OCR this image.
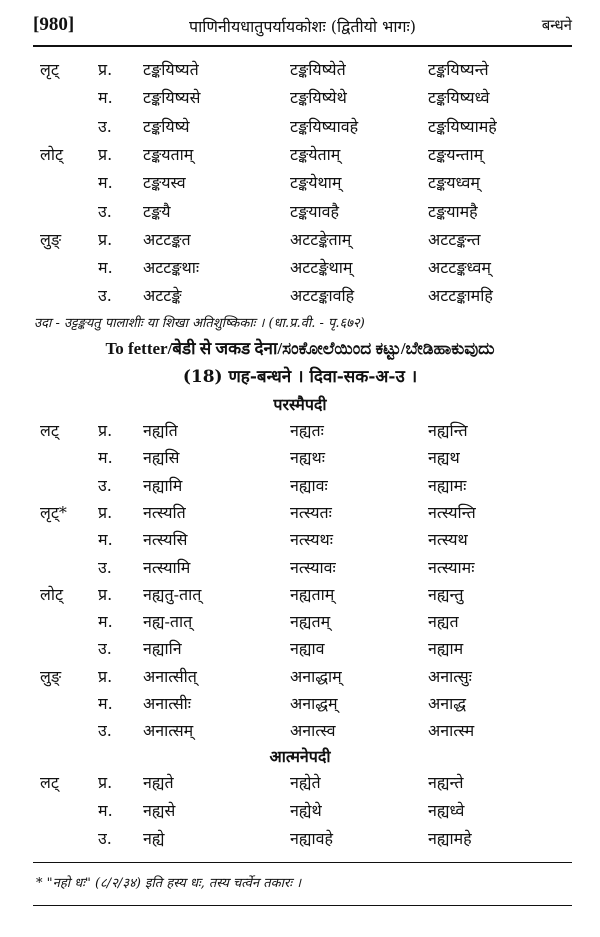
[980]	पाणिनीयधातुपर्यायकोशः (द्वितीयो भागः)	बन्धने
लृट् प्र. टङ्कयिष्यते	टङ्कयिष्येते	टङ्कयिष्यन्ते
म. टङ्कयिष्यसे	टङ्कयिष्येथे	टङ्कयिष्यध्वे
उ. टङ्कयिष्ये	टङ्कयिष्यावहे	टङ्कयिष्यामहे
लोट् प्र. टङ्कयताम्	टङ्कयेताम्	टङ्कयन्ताम्
म. टङ्कयस्व	टङ्कयेथाम्	टङ्कयध्वम्
उ. टङ्कयै	टङ्कयावहै	टङ्कयामहै
लुङ् प्र. अटटङ्कत	अटटङ्केताम्	अटटङ्कन्त
म. अटटङ्कथाः	अटटङ्केथाम्	अटटङ्कध्वम्
उ. अटटङ्के	अटटङ्कावहि	अटटङ्कामहि
उदा - उट्टङ्कयतु पालाशीः या शिखा अतिशुष्किकाः । (धा.प्र.वी. - पृ.६७२)
To fetter/बेडी से जकड देना/ಸಂಕೋಲೆಯಿಂದ ಕಟ್ಟು/ಬೇಡಿಹಾಕುವುದು
(18) णह-बन्धने । दिवा-सक-अ-उ ।
परस्मैपदी
लट् प्र. नह्यति	नह्यतः	नह्यन्ति
म. नह्यसि	नह्यथः	नह्यथ
उ. नह्यामि	नह्यावः	नह्यामः
लृट्* प्र. नत्स्यति	नत्स्यतः	नत्स्यन्ति
म. नत्स्यसि	नत्स्यथः	नत्स्यथ
उ. नत्स्यामि	नत्स्यावः	नत्स्यामः
लोट् प्र. नह्यतु-तात्	नह्यताम्	नह्यन्तु
म. नह्य-तात्	नह्यतम्	नह्यत
उ. नह्यानि	नह्याव	नह्याम
लुङ् प्र. अनात्सीत्	अनाद्धाम्	अनात्सुः
म. अनात्सीः	अनाद्धम्	अनाद्ध
उ. अनात्सम्	अनात्स्व	अनात्स्म
आत्मनेपदी
लट् प्र. नह्यते	नह्येते	नह्यन्ते
म. नह्यसे	नह्येथे	नह्यध्वे
उ. नह्ये	नह्यावहे	नह्यामहे
* "नहो धः" (८/२/३४) इति हस्य धः, तस्य चर्त्वेन तकारः ।
